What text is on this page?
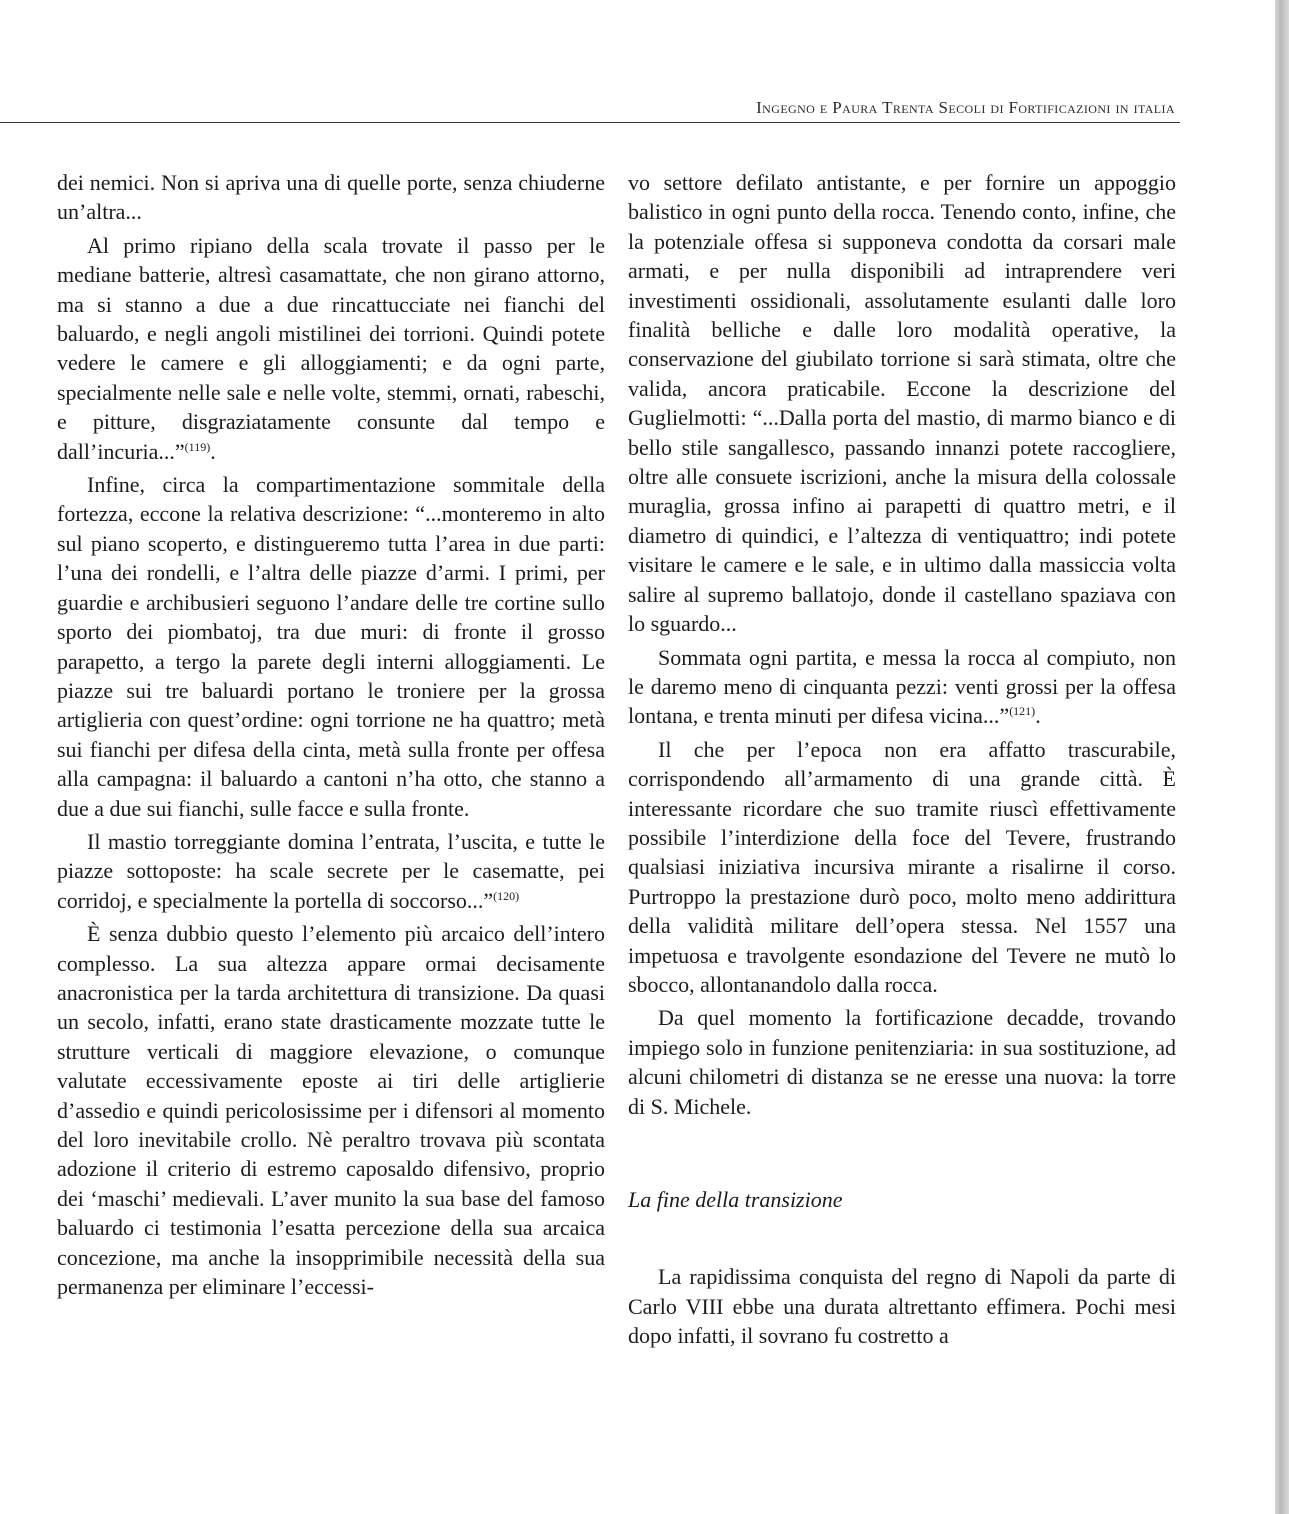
Ingegno e Paura Trenta Secoli di Fortificazioni in italia

dei nemici. Non si apriva una di quelle porte, senza chiuderne un’altra...

Al primo ripiano della scala trovate il passo per le mediane batterie, altresì casamattate, che non girano attorno, ma si stanno a due a due rincattucciate nei fianchi del baluardo, e negli angoli mistilinei dei torrioni. Quindi potete vedere le camere e gli alloggiamenti; e da ogni parte, specialmente nelle sale e nelle volte, stemmi, ornati, rabeschi, e pitture, disgraziatamente consunte dal tempo e dall’incuria...”$^{(119)}$.

Infine, circa la compartimentazione sommitale della fortezza, eccone la relativa descrizione: “...monteremo in alto sul piano scoperto, e distingueremo tutta l’area in due parti: l’una dei rondelli, e l’altra delle piazze d’armi. I primi, per guardie e archibusieri seguono l’andare delle tre cortine sullo sporto dei piombatoj, tra due muri: di fronte il grosso parapetto, a tergo la parete degli interni alloggiamenti. Le piazze sui tre baluardi portano le troniere per la grossa artiglieria con quest’ordine: ogni torrione ne ha quattro; metà sui fianchi per difesa della cinta, metà sulla fronte per offesa alla campagna: il baluardo a cantoni n’ha otto, che stanno a due a due sui fianchi, sulle facce e sulla fronte.

Il mastio torreggiante domina l’entrata, l’uscita, e tutte le piazze sottoposte: ha scale secrete per le casematte, pei corridoj, e specialmente la portella di soccorso...”$^{(120)}$

È senza dubbio questo l’elemento più arcaico dell’intero complesso. La sua altezza appare ormai decisamente anacronistica per la tarda architettura di transizione. Da quasi un secolo, infatti, erano state drasticamente mozzate tutte le strutture verticali di maggiore elevazione, o comunque valutate eccessivamente eposte ai tiri delle artiglierie d’assedio e quindi pericolosissime per i difensori al momento del loro inevitabile crollo. Nè peraltro trovava più scontata adozione il criterio di estremo caposaldo difensivo, proprio dei ‘maschi’ medievali. L’aver munito la sua base del famoso baluardo ci testimonia l’esatta percezione della sua arcaica concezione, ma anche la insopprimibile necessità della sua permanenza per eliminare l’eccessi-

vo settore defilato antistante, e per fornire un appoggio balistico in ogni punto della rocca. Tenendo conto, infine, che la potenziale offesa si supponeva condotta da corsari male armati, e per nulla disponibili ad intraprendere veri investimenti ossidionali, assolutamente esulanti dalle loro finalità belliche e dalle loro modalità operative, la conservazione del giubilato torrione si sarà stimata, oltre che valida, ancora praticabile. Eccone la descrizione del Guglielmotti: “...Dalla porta del mastio, di marmo bianco e di bello stile sangallesco, passando innanzi potete raccogliere, oltre alle consuete iscrizioni, anche la misura della colossale muraglia, grossa infino ai parapetti di quattro metri, e il diametro di quindici, e l’altezza di ventiquattro; indi potete visitare le camere e le sale, e in ultimo dalla massiccia volta salire al supremo ballatojo, donde il castellano spaziava con lo sguardo...

Sommata ogni partita, e messa la rocca al compiuto, non le daremo meno di cinquanta pezzi: venti grossi per la offesa lontana, e trenta minuti per difesa vicina...”$^{(121)}$.

Il che per l’epoca non era affatto trascurabile, corrispondendo all’armamento di una grande città. È interessante ricordare che suo tramite riuscì effettivamente possibile l’interdizione della foce del Tevere, frustrando qualsiasi iniziativa incursiva mirante a risalirne il corso. Purtroppo la prestazione durò poco, molto meno addirittura della validità militare dell’opera stessa. Nel 1557 una impetuosa e travolgente esondazione del Tevere ne mutò lo sbocco, allontanandolo dalla rocca.

Da quel momento la fortificazione decadde, trovando impiego solo in funzione penitenziaria: in sua sostituzione, ad alcuni chilometri di distanza se ne eresse una nuova: la torre di S. Michele.

La fine della transizione

La rapidissima conquista del regno di Napoli da parte di Carlo VIII ebbe una durata altrettanto effimera. Pochi mesi dopo infatti, il sovrano fu costretto a
